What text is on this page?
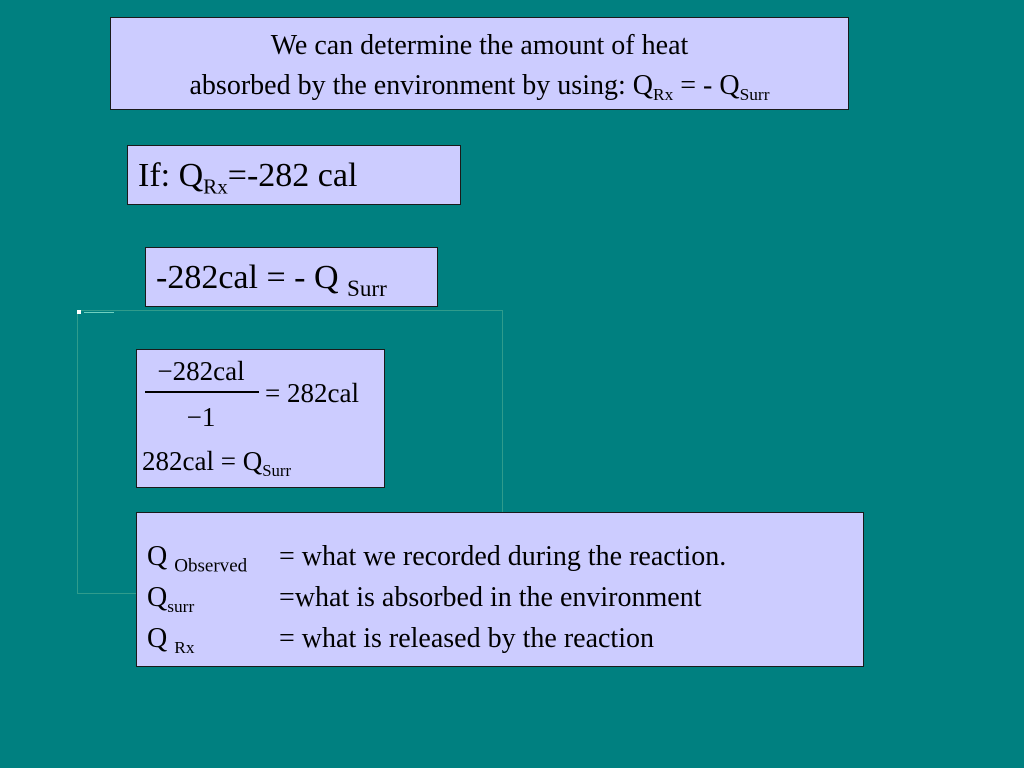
We can determine the amount of heat
absorbed by the environment by using: $Q_{Rx}$ = - $Q_{Surr}$
If: $Q_{Rx}=-282$ cal
-282cal = - Q $_{Surr}$
−282cal
−1
= 282cal
$282cal = Q_{Surr}$
Q $_{Observed}$ = what we recorded during the reaction.
$Q_{surr}$	=what is absorbed in the environment
Q $_{Rx}$	= what is released by the reaction
